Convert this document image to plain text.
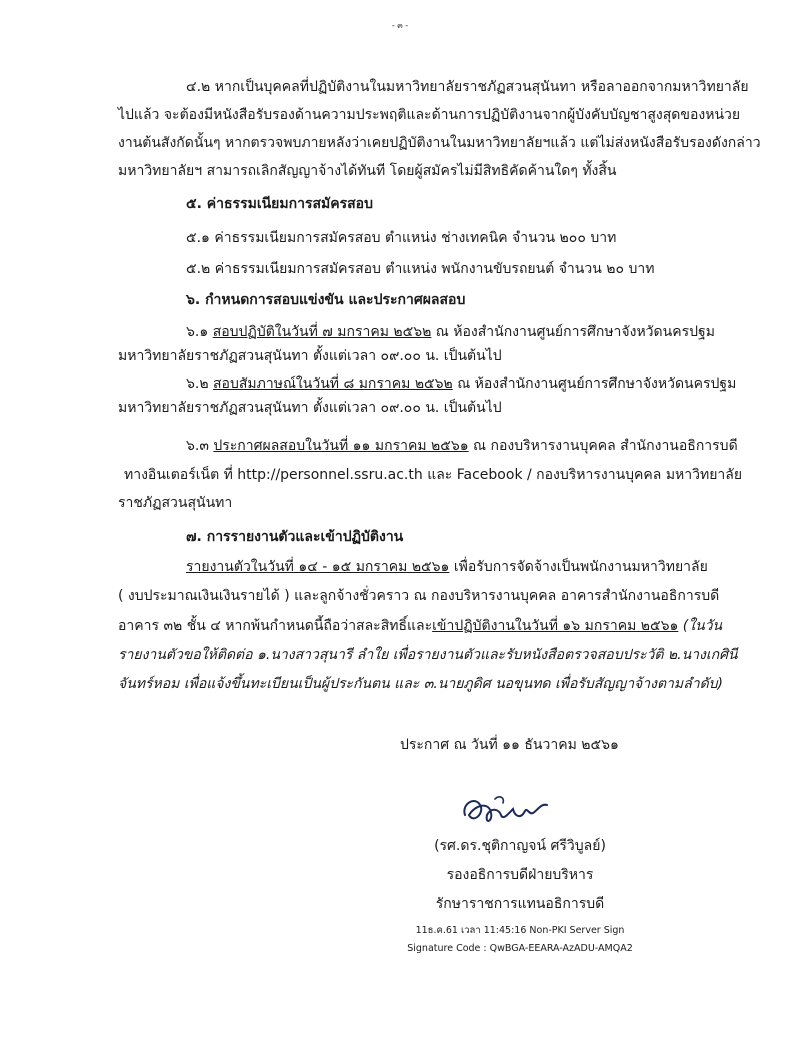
- ๓ -
๔.๒ หากเป็นบุคคลที่ปฏิบัติงานในมหาวิทยาลัยราชภัฏสวนสุนันทา หรือลาออกจากมหาวิทยาลัย
ไปแล้ว จะต้องมีหนังสือรับรองด้านความประพฤติและด้านการปฏิบัติงานจากผู้บังคับบัญชาสูงสุดของหน่วย
งานต้นสังกัดนั้นๆ หากตรวจพบภายหลังว่าเคยปฏิบัติงานในมหาวิทยาลัยฯแล้ว แต่ไม่ส่งหนังสือรับรองดังกล่าว
มหาวิทยาลัยฯ สามารถเลิกสัญญาจ้างได้ทันที โดยผู้สมัครไม่มีสิทธิคัดค้านใดๆ ทั้งสิ้น
๕. ค่าธรรมเนียมการสมัครสอบ
๕.๑ ค่าธรรมเนียมการสมัครสอบ ตำแหน่ง ช่างเทคนิค จำนวน ๒๐๐ บาท
๕.๒ ค่าธรรมเนียมการสมัครสอบ ตำแหน่ง พนักงานขับรถยนต์ จำนวน ๒๐ บาท
๖. กำหนดการสอบแข่งขัน และประกาศผลสอบ
๖.๑ สอบปฏิบัติในวันที่ ๗ มกราคม ๒๕๖๒ ณ ห้องสำนักงานศูนย์การศึกษาจังหวัดนครปฐม
มหาวิทยาลัยราชภัฏสวนสุนันทา ตั้งแต่เวลา ๐๙.๐๐ น. เป็นต้นไป
๖.๒ สอบสัมภาษณ์ในวันที่ ๘ มกราคม ๒๕๖๒ ณ ห้องสำนักงานศูนย์การศึกษาจังหวัดนครปฐม
มหาวิทยาลัยราชภัฏสวนสุนันทา ตั้งแต่เวลา ๐๙.๐๐ น. เป็นต้นไป
๖.๓ ประกาศผลสอบในวันที่ ๑๑ มกราคม ๒๕๖๑ ณ กองบริหารงานบุคคล สำนักงานอธิการบดี
ทางอินเตอร์เน็ต ที่ http://personnel.ssru.ac.th และ Facebook / กองบริหารงานบุคคล มหาวิทยาลัย
ราชภัฏสวนสุนันทา
๗. การรายงานตัวและเข้าปฏิบัติงาน
รายงานตัวในวันที่ ๑๔ - ๑๕ มกราคม ๒๕๖๑ เพื่อรับการจัดจ้างเป็นพนักงานมหาวิทยาลัย
( งบประมาณเงินเงินรายได้ ) และลูกจ้างชั่วคราว ณ กองบริหารงานบุคคล อาคารสำนักงานอธิการบดี
อาคาร ๓๒ ชั้น ๔ หากพ้นกำหนดนี้ถือว่าสละสิทธิ์และเข้าปฏิบัติงานในวันที่ ๑๖ มกราคม ๒๕๖๑ (ในวัน
รายงานตัวขอให้ติดต่อ ๑.นางสาวสุนารี ลำใย เพื่อรายงานตัวและรับหนังสือตรวจสอบประวัติ ๒.นางเกศินี
จันทร์หอม เพื่อแจ้งขึ้นทะเบียนเป็นผู้ประกันตน และ ๓.นายภูดิศ นอขุนทด เพื่อรับสัญญาจ้างตามลำดับ)
ประกาศ ณ วันที่ ๑๑ ธันวาคม ๒๕๖๑
(รศ.ดร.ชุติกาญจน์ ศรีวิบูลย์)
รองอธิการบดีฝ่ายบริหาร
รักษาราชการแทนอธิการบดี
11ธ.ค.61 เวลา 11:45:16 Non-PKI Server Sign
Signature Code : QwBGA-EEARA-AzADU-AMQA2
